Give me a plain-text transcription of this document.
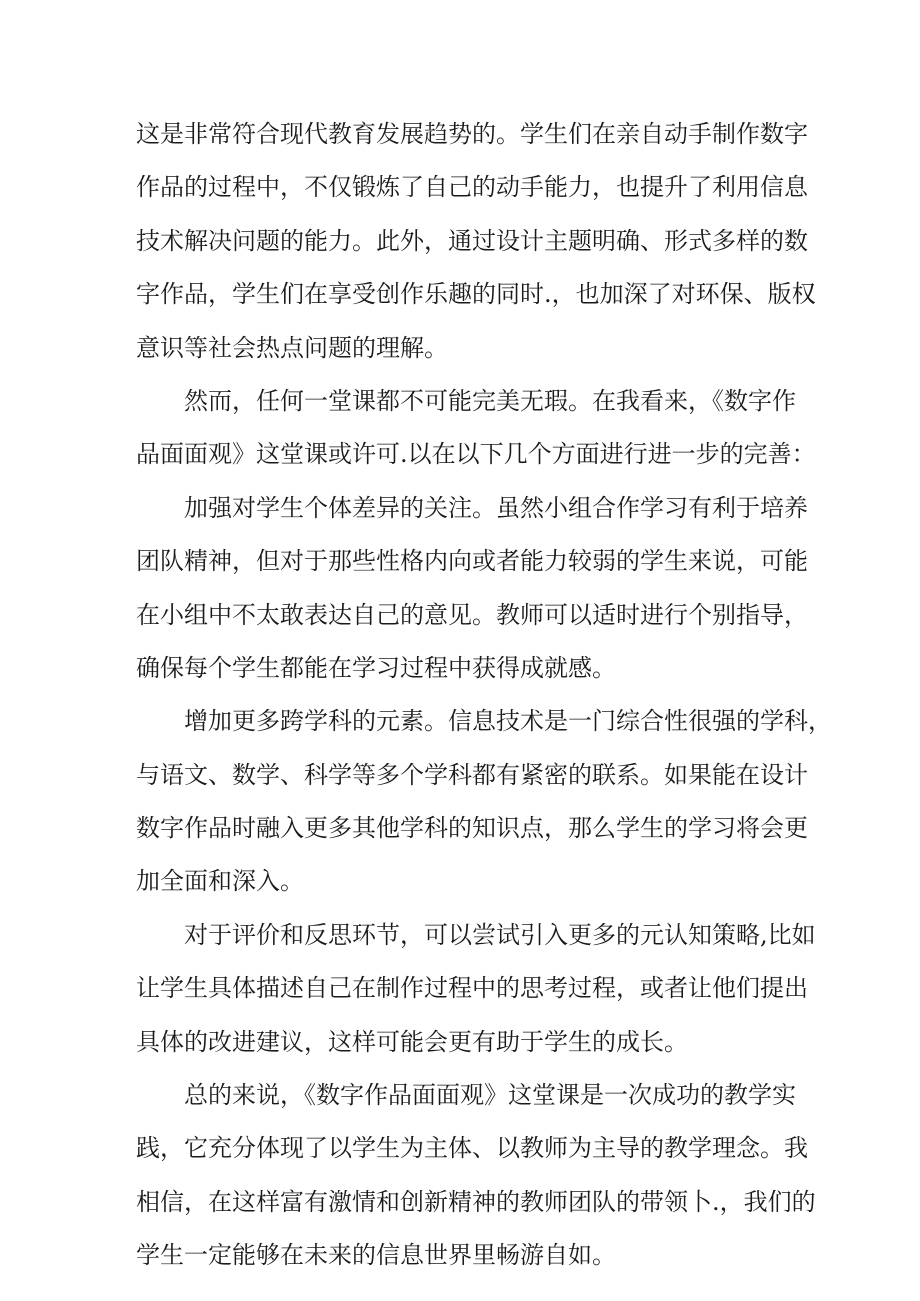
这是非常符合现代教育发展趋势的。学生们在亲自动手制作数字
作品的过程中，不仅锻炼了自己的动手能力，也提升了利用信息
技术解决问题的能力。此外，通过设计主题明确、形式多样的数
字作品，学生们在享受创作乐趣的同时.，也加深了对环保、版权
意识等社会热点问题的理解。
然而，任何一堂课都不可能完美无瑕。在我看来，《数字作
品面面观》这堂课或许可.以在以下几个方面进行进一步的完善：
加强对学生个体差异的关注。虽然小组合作学习有利于培养
团队精神，但对于那些性格内向或者能力较弱的学生来说，可能
在小组中不太敢表达自己的意见。教师可以适时进行个别指导，
确保每个学生都能在学习过程中获得成就感。
增加更多跨学科的元素。信息技术是一门综合性很强的学科，
与语文、数学、科学等多个学科都有紧密的联系。如果能在设计
数字作品时融入更多其他学科的知识点，那么学生的学习将会更
加全面和深入。
对于评价和反思环节，可以尝试引入更多的元认知策略,比如
让学生具体描述自己在制作过程中的思考过程，或者让他们提出
具体的改进建议，这样可能会更有助于学生的成长。
总的来说，《数字作品面面观》这堂课是一次成功的教学实
践，它充分体现了以学生为主体、以教师为主导的教学理念。我
相信，在这样富有激情和创新精神的教师团队的带领卜.，我们的
学生一定能够在未来的信息世界里畅游自如。
